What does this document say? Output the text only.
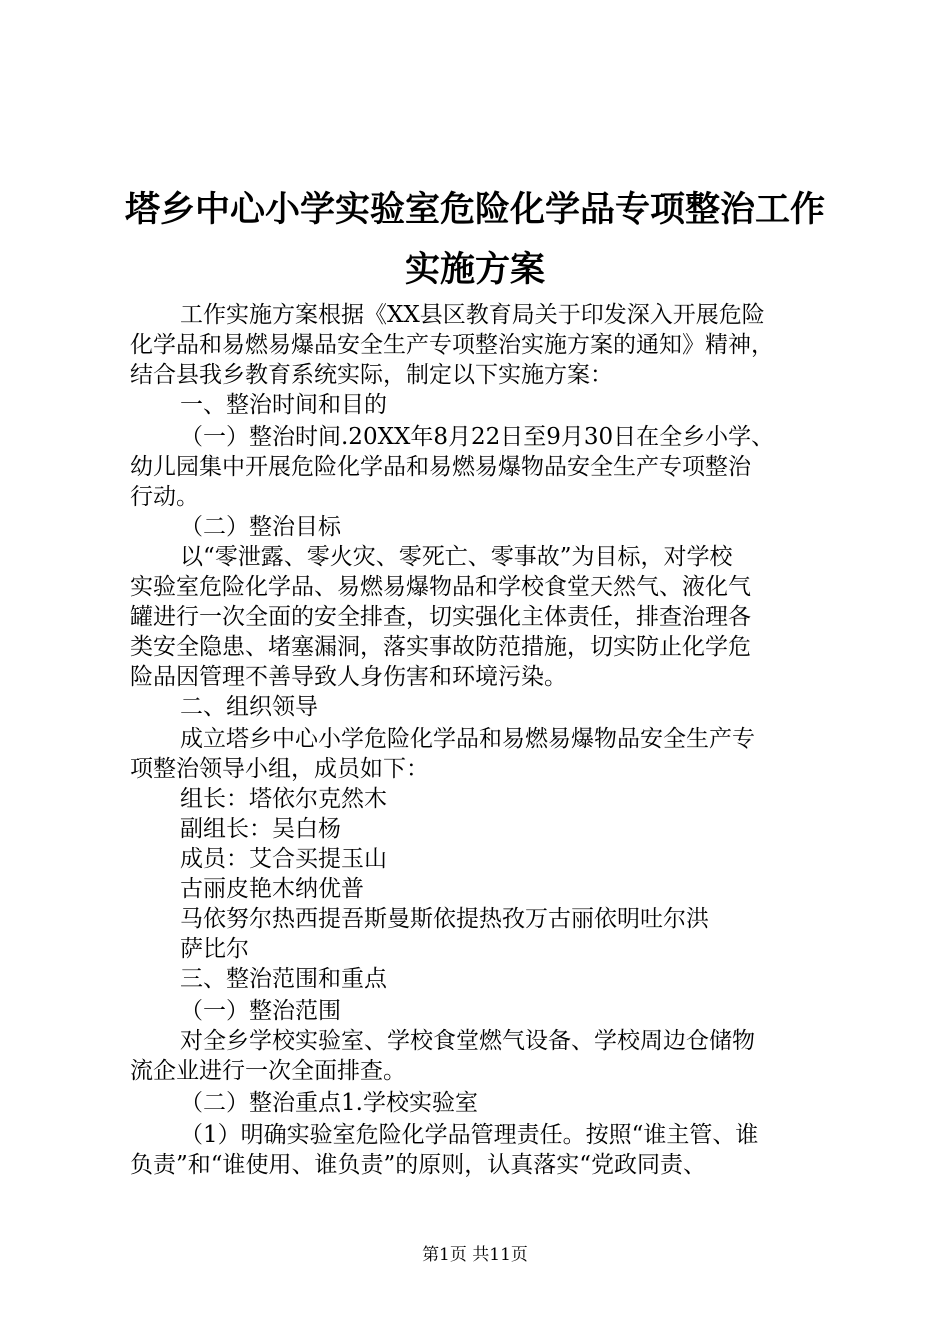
塔乡中心小学实验室危险化学品专项整治工作
实施方案
工作实施方案根据《XX县区教育局关于印发深入开展危险
化学品和易燃易爆品安全生产专项整治实施方案的通知》精神，
结合县我乡教育系统实际，制定以下实施方案：
一、整治时间和目的
（一）整治时间.20XX年8月22日至9月30日在全乡小学、
幼儿园集中开展危险化学品和易燃易爆物品安全生产专项整治
行动。
（二）整治目标
以“零泄露、零火灾、零死亡、零事故”为目标，对学校
实验室危险化学品、易燃易爆物品和学校食堂天然气、液化气
罐进行一次全面的安全排查，切实强化主体责任，排查治理各
类安全隐患、堵塞漏洞，落实事故防范措施，切实防止化学危
险品因管理不善导致人身伤害和环境污染。
二、组织领导
成立塔乡中心小学危险化学品和易燃易爆物品安全生产专
项整治领导小组，成员如下：
组长：塔依尔克然木
副组长：吴白杨
成员：艾合买提玉山
古丽皮艳木纳优普
马依努尔热西提吾斯曼斯依提热孜万古丽依明吐尔洪
萨比尔
三、整治范围和重点
（一）整治范围
对全乡学校实验室、学校食堂燃气设备、学校周边仓储物
流企业进行一次全面排查。
（二）整治重点1.学校实验室
（1）明确实验室危险化学品管理责任。按照“谁主管、谁
负责”和“谁使用、谁负责”的原则，认真落实“党政同责、
第1页 共11页
